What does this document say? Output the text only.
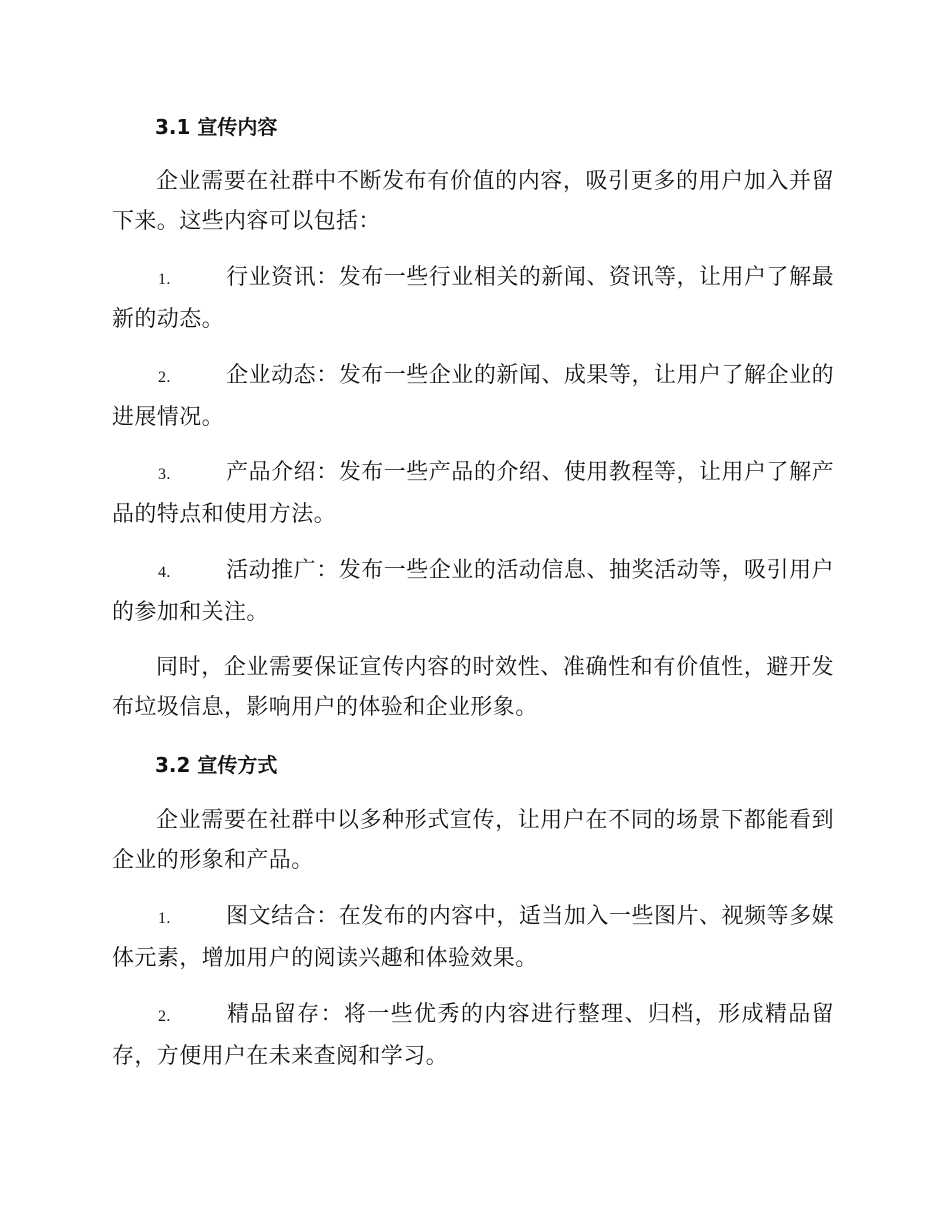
3.1 宣传内容

企业需要在社群中不断发布有价值的内容，吸引更多的用户加入并留下来。这些内容可以包括：

1.	行业资讯：发布一些行业相关的新闻、资讯等，让用户了解最新的动态。

2.	企业动态：发布一些企业的新闻、成果等，让用户了解企业的进展情况。

3.	产品介绍：发布一些产品的介绍、使用教程等，让用户了解产品的特点和使用方法。

4.	活动推广：发布一些企业的活动信息、抽奖活动等，吸引用户的参加和关注。

同时，企业需要保证宣传内容的时效性、准确性和有价值性，避开发布垃圾信息，影响用户的体验和企业形象。

3.2 宣传方式

企业需要在社群中以多种形式宣传，让用户在不同的场景下都能看到企业的形象和产品。

1.	图文结合：在发布的内容中，适当加入一些图片、视频等多媒体元素，增加用户的阅读兴趣和体验效果。

2.	精品留存：将一些优秀的内容进行整理、归档，形成精品留存，方便用户在未来查阅和学习。
